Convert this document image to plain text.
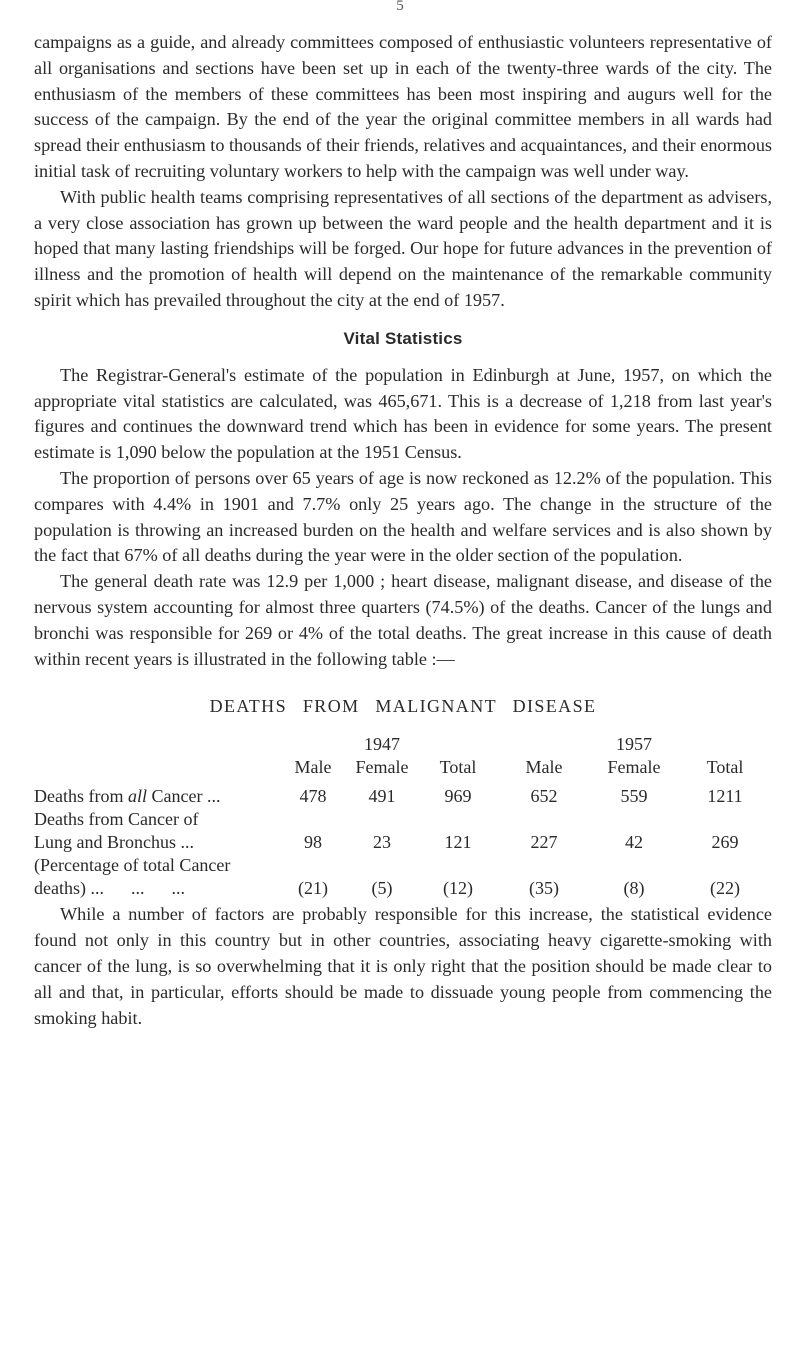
5

campaigns as a guide, and already committees composed of enthusiastic volunteers representative of all organisations and sections have been set up in each of the twenty-three wards of the city. The enthusiasm of the members of these committees has been most inspiring and augurs well for the success of the campaign. By the end of the year the original committee members in all wards had spread their enthusiasm to thousands of their friends, relatives and acquaintances, and their enormous initial task of recruiting voluntary workers to help with the campaign was well under way.

With public health teams comprising representatives of all sections of the department as advisers, a very close association has grown up between the ward people and the health department and it is hoped that many lasting friendships will be forged. Our hope for future advances in the prevention of illness and the promotion of health will depend on the maintenance of the remarkable community spirit which has prevailed throughout the city at the end of 1957.

Vital Statistics

The Registrar-General's estimate of the population in Edinburgh at June, 1957, on which the appropriate vital statistics are calculated, was 465,671. This is a decrease of 1,218 from last year's figures and continues the downward trend which has been in evidence for some years. The present estimate is 1,090 below the population at the 1951 Census.

The proportion of persons over 65 years of age is now reckoned as 12.2% of the population. This compares with 4.4% in 1901 and 7.7% only 25 years ago. The change in the structure of the population is throwing an increased burden on the health and welfare services and is also shown by the fact that 67% of all deaths during the year were in the older section of the population.

The general death rate was 12.9 per 1,000 ; heart disease, malignant disease, and disease of the nervous system accounting for almost three quarters (74.5%) of the deaths. Cancer of the lungs and bronchi was responsible for 269 or 4% of the total deaths. The great increase in this cause of death within recent years is illustrated in the following table :—

DEATHS FROM MALIGNANT DISEASE
		1947			1957	
	Male	Female	Total	Male	Female	Total

Deaths from all Cancer ...	478	491	969	652	559	1211
Deaths from Cancer of						
Lung and Bronchus ...	98	23	121	227	42	269
(Percentage of total Cancer						
deaths) ...      ...      ...	(21)	(5)	(12)	(35)	(8)	(22)

While a number of factors are probably responsible for this increase, the statistical evidence found not only in this country but in other countries, associating heavy cigarette-smoking with cancer of the lung, is so overwhelming that it is only right that the position should be made clear to all and that, in particular, efforts should be made to dissuade young people from commencing the smoking habit.
